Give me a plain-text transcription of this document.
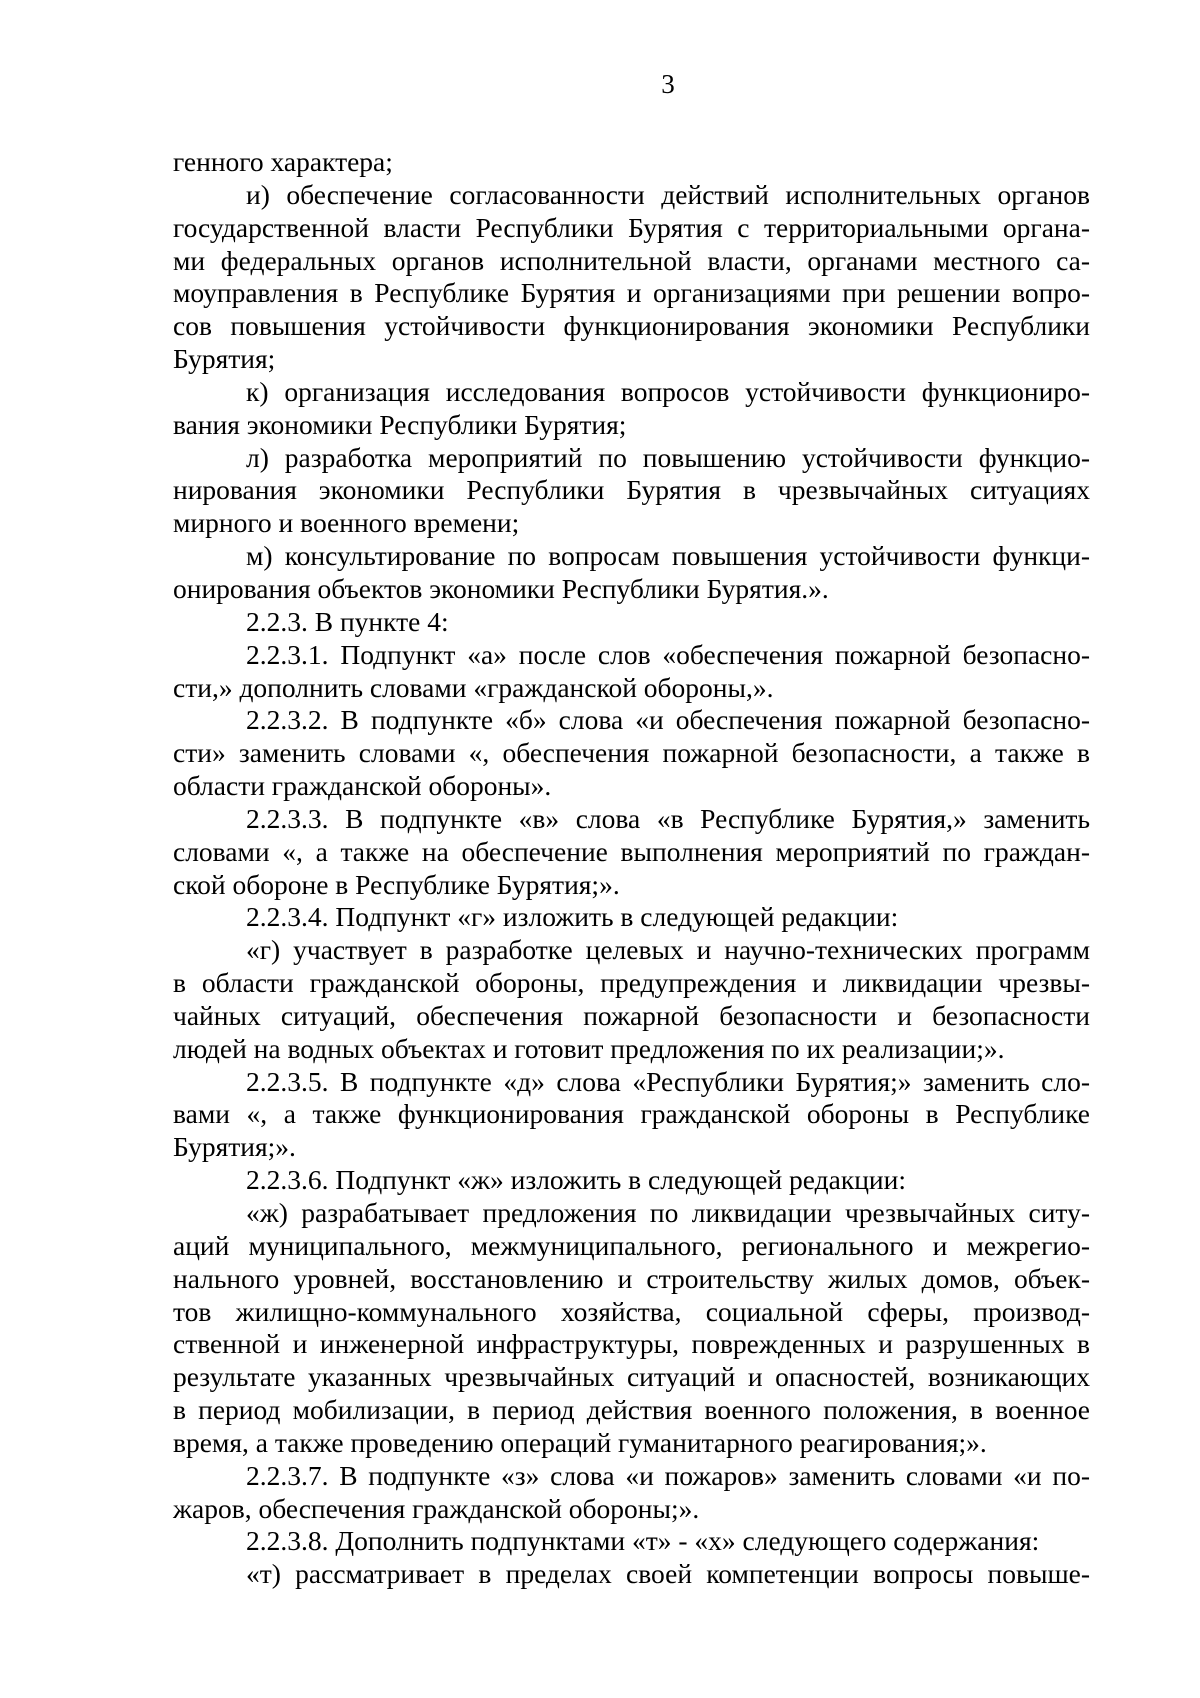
3
генного характера;
и) обеспечение согласованности действий исполнительных органов
государственной власти Республики Бурятия с территориальными органа-
ми федеральных органов исполнительной власти, органами местного са-
моуправления в Республике Бурятия и организациями при решении вопро-
сов повышения устойчивости функционирования экономики Республики
Бурятия;
к) организация исследования вопросов устойчивости функциониро-
вания экономики Республики Бурятия;
л) разработка мероприятий по повышению устойчивости функцио-
нирования экономики Республики Бурятия в чрезвычайных ситуациях
мирного и военного времени;
м) консультирование по вопросам повышения устойчивости функци-
онирования объектов экономики Республики Бурятия.».
2.2.3. В пункте 4:
2.2.3.1. Подпункт «а» после слов «обеспечения пожарной безопасно-
сти,» дополнить словами «гражданской обороны,».
2.2.3.2. В подпункте «б» слова «и обеспечения пожарной безопасно-
сти» заменить словами «, обеспечения пожарной безопасности, а также в
области гражданской обороны».
2.2.3.3. В подпункте «в» слова «в Республике Бурятия,» заменить
словами «, а также на обеспечение выполнения мероприятий по граждан-
ской обороне в Республике Бурятия;».
2.2.3.4. Подпункт «г» изложить в следующей редакции:
«г) участвует в разработке целевых и научно-технических программ
в области гражданской обороны, предупреждения и ликвидации чрезвы-
чайных ситуаций, обеспечения пожарной безопасности и безопасности
людей на водных объектах и готовит предложения по их реализации;».
2.2.3.5. В подпункте «д» слова «Республики Бурятия;» заменить сло-
вами «, а также функционирования гражданской обороны в Республике
Бурятия;».
2.2.3.6. Подпункт «ж» изложить в следующей редакции:
«ж) разрабатывает предложения по ликвидации чрезвычайных ситу-
аций муниципального, межмуниципального, регионального и межрегио-
нального уровней, восстановлению и строительству жилых домов, объек-
тов жилищно-коммунального хозяйства, социальной сферы, производ-
ственной и инженерной инфраструктуры, поврежденных и разрушенных в
результате указанных чрезвычайных ситуаций и опасностей, возникающих
в период мобилизации, в период действия военного положения, в военное
время, а также проведению операций гуманитарного реагирования;».
2.2.3.7. В подпункте «з» слова «и пожаров» заменить словами «и по-
жаров, обеспечения гражданской обороны;».
2.2.3.8. Дополнить подпунктами «т» - «х» следующего содержания:
«т) рассматривает в пределах своей компетенции вопросы повыше-
